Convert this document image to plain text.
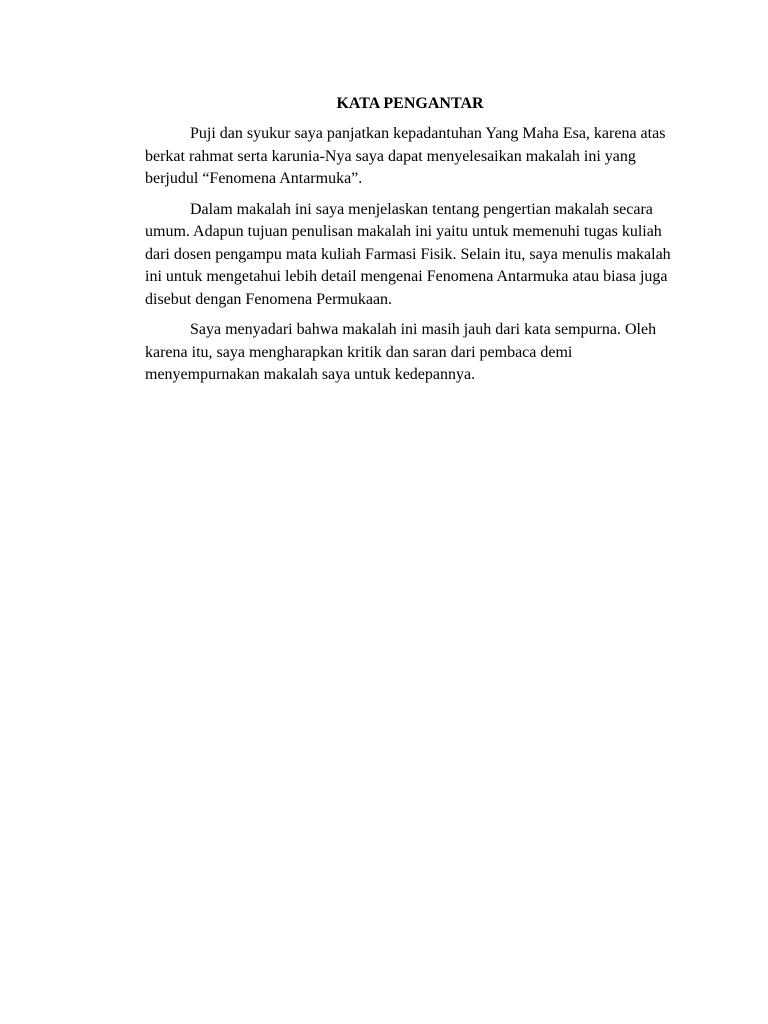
KATA PENGANTAR

Puji dan syukur saya panjatkan kepadantuhan Yang Maha Esa, karena atas berkat rahmat serta karunia-Nya saya dapat menyelesaikan makalah ini yang berjudul “Fenomena Antarmuka”.

Dalam makalah ini saya menjelaskan tentang pengertian makalah secara umum. Adapun tujuan penulisan makalah ini yaitu untuk memenuhi tugas kuliah dari dosen pengampu mata kuliah Farmasi Fisik. Selain itu, saya menulis makalah ini untuk mengetahui lebih detail mengenai Fenomena Antarmuka atau biasa juga disebut dengan Fenomena Permukaan.

Saya menyadari bahwa makalah ini masih jauh dari kata sempurna. Oleh karena itu, saya mengharapkan kritik dan saran dari pembaca demi menyempurnakan makalah saya untuk kedepannya.
